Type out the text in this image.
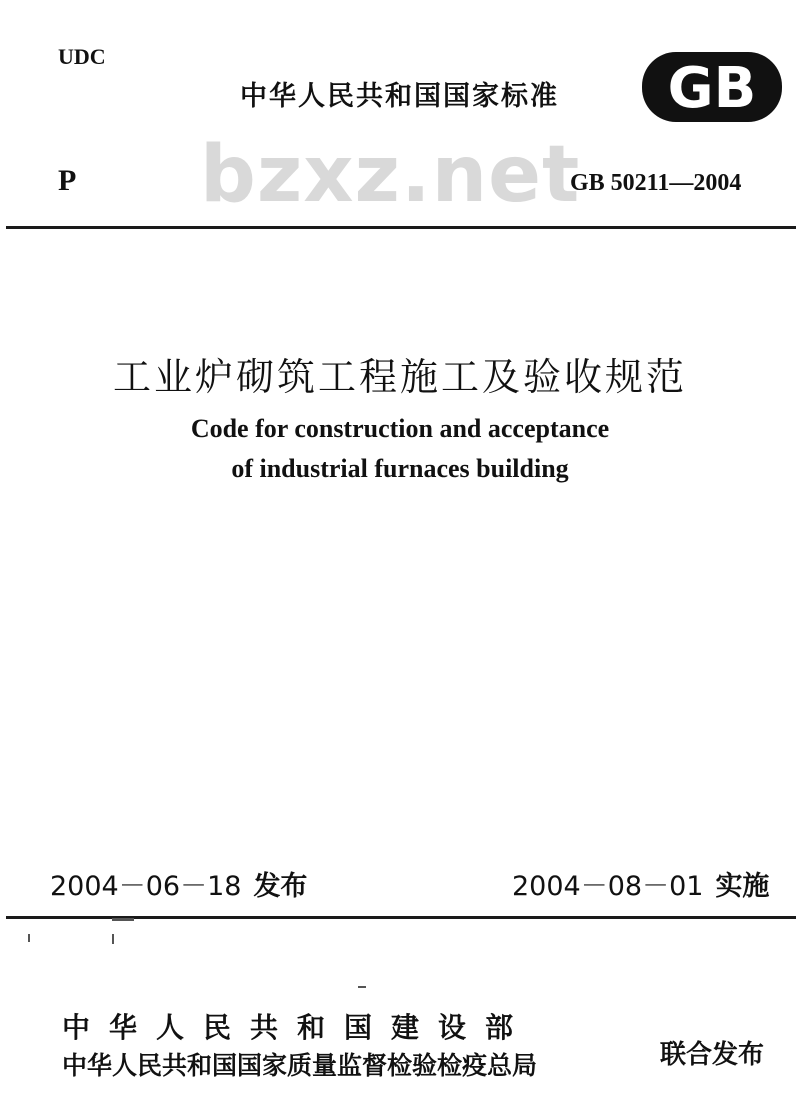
UDC
中华人民共和国国家标准 GB
bzxz.net
P	GB 50211—2004
工业炉砌筑工程施工及验收规范
Code for construction and acceptance
of industrial furnaces building
2004－06－18 发布	2004－08－01 实施
中华人民共和国建设部
中华人民共和国国家质量监督检验检疫总局	联合发布
